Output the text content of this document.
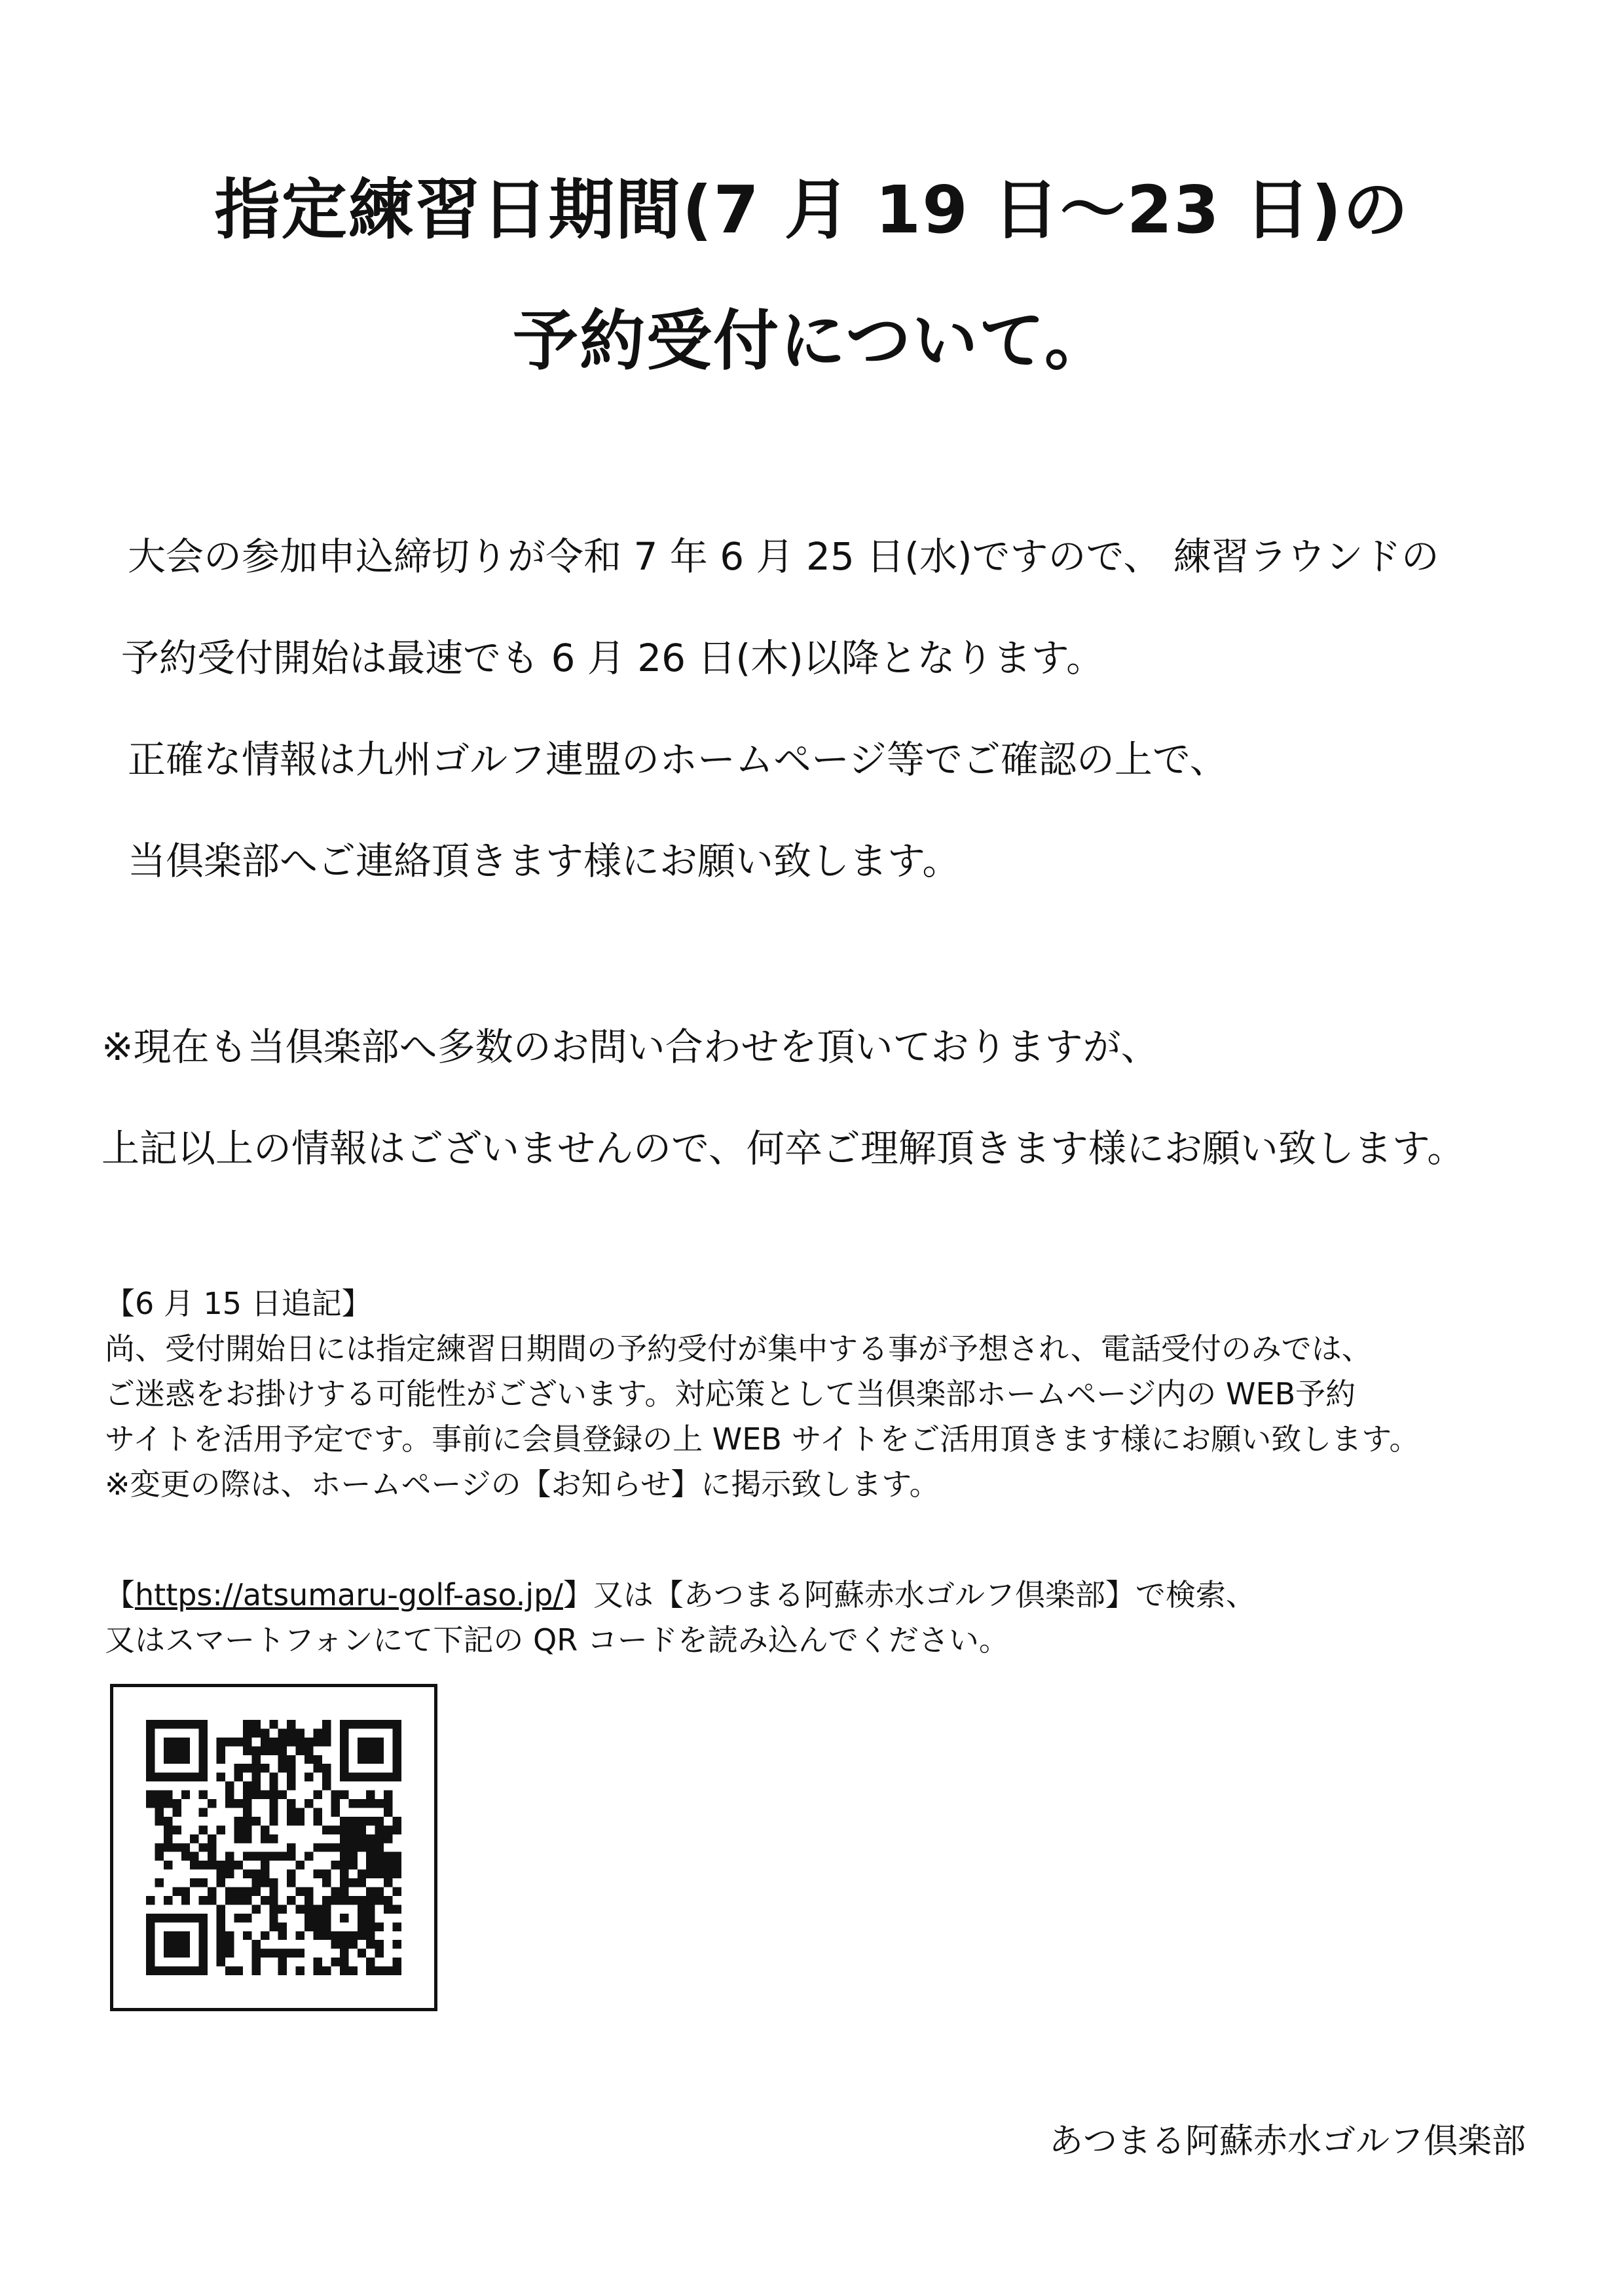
指定練習日期間(7 月 19 日～23 日)の
予約受付について。
大会の参加申込締切りが令和 7 年 6 月 25 日(水)ですので、 練習ラウンドの
予約受付開始は最速でも 6 月 26 日(木)以降となります。
正確な情報は九州ゴルフ連盟のホームページ等でご確認の上で、
当倶楽部へご連絡頂きます様にお願い致します。
※現在も当倶楽部へ多数のお問い合わせを頂いておりますが、
上記以上の情報はございませんので、何卒ご理解頂きます様にお願い致します。
【6 月 15 日追記】
尚、受付開始日には指定練習日期間の予約受付が集中する事が予想され、電話受付のみでは、
ご迷惑をお掛けする可能性がございます。対応策として当倶楽部ホームページ内の WEB予約
サイトを活用予定です。事前に会員登録の上 WEB サイトをご活用頂きます様にお願い致します。
※変更の際は、ホームページの【お知らせ】に掲示致します。
【https://atsumaru-golf-aso.jp/】又は【あつまる阿蘇赤水ゴルフ倶楽部】で検索、
又はスマートフォンにて下記の QR コードを読み込んでください。
あつまる阿蘇赤水ゴルフ倶楽部
